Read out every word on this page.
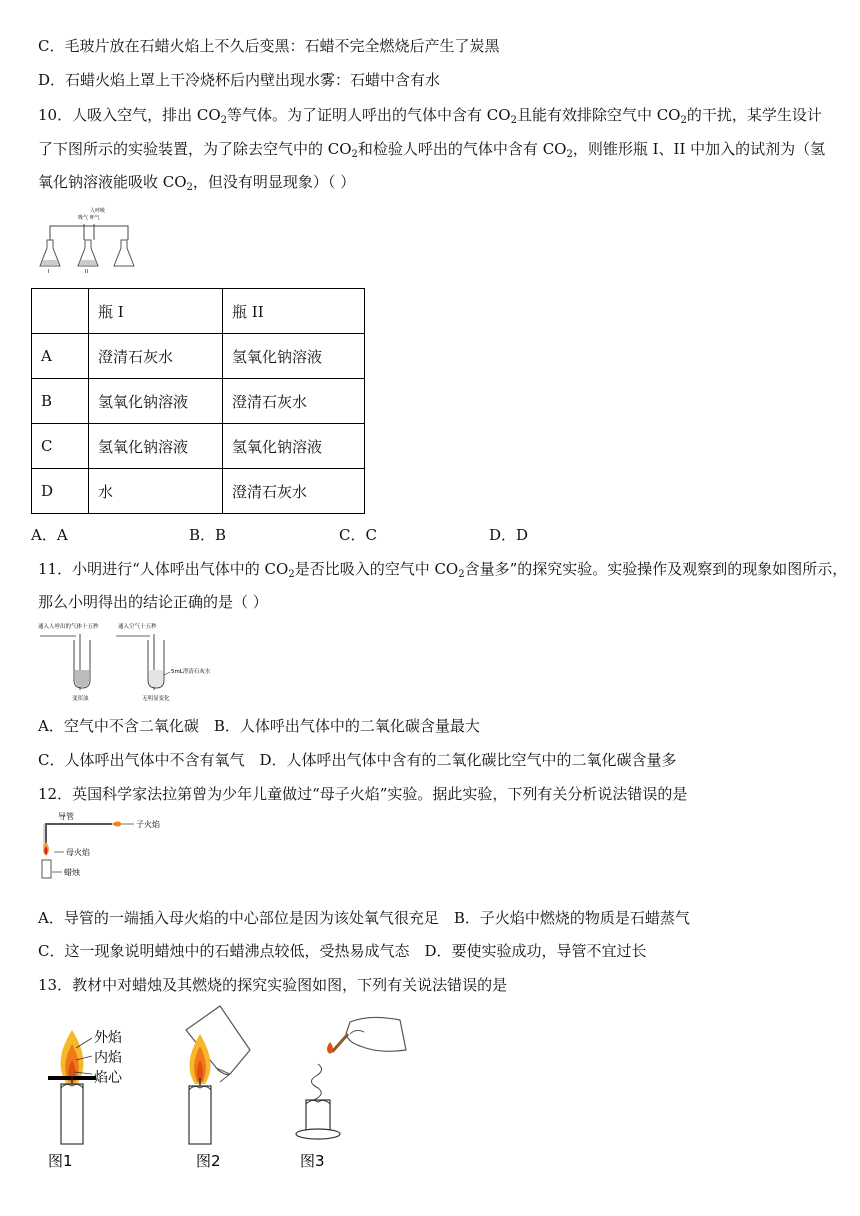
C．毛玻片放在石蜡火焰上不久后变黑：石蜡不完全燃烧后产生了炭黑
D．石蜡火焰上罩上干冷烧杯后内壁出现水雾：石蜡中含有水
10．人吸入空气，排出 $CO_2$等气体。为了证明人呼出的气体中含有 $CO_2$且能有效排除空气中 $CO_2$的干扰，某学生设计
了下图所示的实验装置，为了除去空气中的 $CO_2$和检验人呼出的气体中含有 $CO_2$，则锥形瓶 I、II 中加入的试剂为（氢
氧化钠溶液能吸收 $CO_2$，但没有明显现象）（ ）
人呼吸
吸气 呼气
I	II
	瓶 I	瓶 II
A	澄清石灰水	氢氧化钠溶液
B	氢氧化钠溶液	澄清石灰水
C	氢氧化钠溶液	氢氧化钠溶液
D	水	澄清石灰水
A．A	B．B	C．C	D．D
11．小明进行“人体呼出气体中的 $CO_2$是否比吸入的空气中 $CO_2$含量多”的探究实验。实验操作及观察到的现象如图所示，
那么小明得出的结论正确的是（ ）
通入人呼出的气体十五秒	通入空气十五秒
5mL澄清石灰水
变浑浊	无明显变化
A．空气中不含二氧化碳　B．人体呼出气体中的二氧化碳含量最大
C．人体呼出气体中不含有氧气　D．人体呼出气体中含有的二氧化碳比空气中的二氧化碳含量多
12．英国科学家法拉第曾为少年儿童做过“母子火焰”实验。据此实验，下列有关分析说法错误的是
导管
子火焰
母火焰
蜡烛
A．导管的一端插入母火焰的中心部位是因为该处氧气很充足　B．子火焰中燃烧的物质是石蜡蒸气
C．这一现象说明蜡烛中的石蜡沸点较低，受热易成气态　D．要使实验成功，导管不宜过长
13．教材中对蜡烛及其燃烧的探究实验图如图，下列有关说法错误的是
外焰
内焰
焰心
图1	图2	图3
